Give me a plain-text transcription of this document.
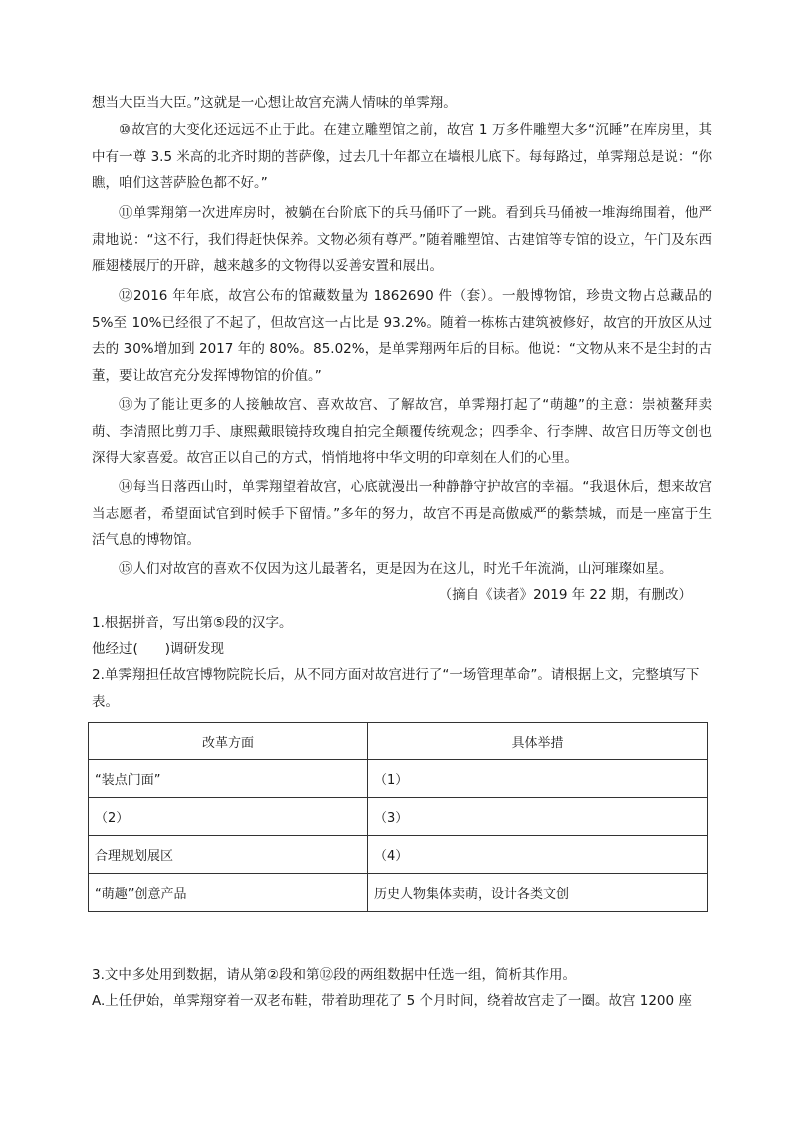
想当大臣当大臣。”这就是一心想让故宫充满人情味的单霁翔。

⑩故宫的大变化还远远不止于此。在建立雕塑馆之前，故宫 1 万多件雕塑大多“沉睡”在库房里，其中有一尊 3.5 米高的北齐时期的菩萨像，过去几十年都立在墙根儿底下。每每路过，单霁翔总是说：“你瞧，咱们这菩萨脸色都不好。”

⑪单霁翔第一次进库房时，被躺在台阶底下的兵马俑吓了一跳。看到兵马俑被一堆海绵围着，他严肃地说：“这不行，我们得赶快保养。文物必须有尊严。”随着雕塑馆、古建馆等专馆的设立，午门及东西雁翅楼展厅的开辟，越来越多的文物得以妥善安置和展出。

⑫2016 年年底，故宫公布的馆藏数量为 1862690 件（套）。一般博物馆，珍贵文物占总藏品的 5%至 10%已经很了不起了，但故宫这一占比是 93.2%。随着一栋栋古建筑被修好，故宫的开放区从过去的 30%增加到 2017 年的 80%。85.02%，是单霁翔两年后的目标。他说：“文物从来不是尘封的古董，要让故宫充分发挥博物馆的价值。”

⑬为了能让更多的人接触故宫、喜欢故宫、了解故宫，单霁翔打起了“萌趣”的主意：崇祯鳌拜卖萌、李清照比剪刀手、康熙戴眼镜持玫瑰自拍完全颠覆传统观念；四季伞、行李牌、故宫日历等文创也深得大家喜爱。故宫正以自己的方式，悄悄地将中华文明的印章刻在人们的心里。

⑭每当日落西山时，单霁翔望着故宫，心底就漫出一种静静守护故宫的幸福。“我退休后，想来故宫当志愿者，希望面试官到时候手下留情。”多年的努力，故宫不再是高傲威严的紫禁城，而是一座富于生活气息的博物馆。

⑮人们对故宫的喜欢不仅因为这儿最著名，更是因为在这儿，时光千年流淌，山河璀璨如星。

（摘自《读者》2019 年 22 期，有删改）

1.根据拼音，写出第⑤段的汉字。

他经过(　　)调研发现

2.单霁翔担任故宫博物院院长后，从不同方面对故宫进行了“一场管理革命”。请根据上文，完整填写下表。

改革方面	具体举措
“装点门面”	（1）
（2）	（3）
合理规划展区	（4）
“萌趣”创意产品	历史人物集体卖萌，设计各类文创

3.文中多处用到数据，请从第②段和第⑫段的两组数据中任选一组，简析其作用。

A.上任伊始，单霁翔穿着一双老布鞋，带着助理花了 5 个月时间，绕着故宫走了一圈。故宫 1200 座
